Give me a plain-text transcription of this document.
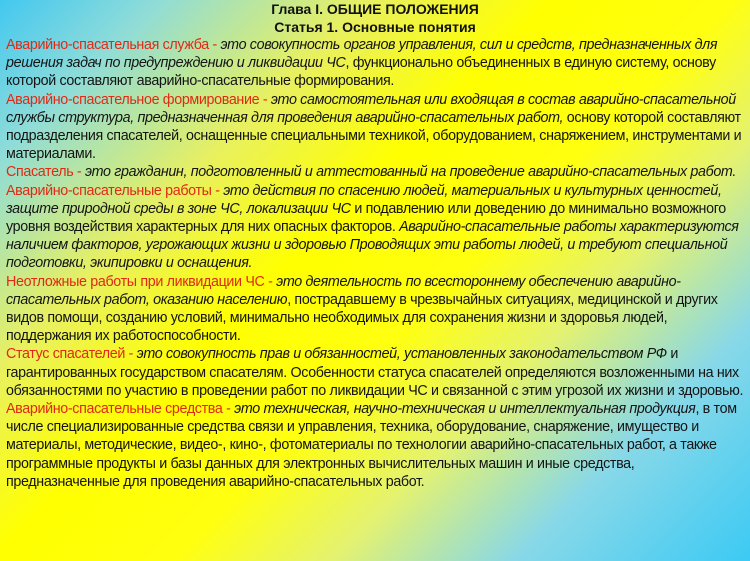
Глава I. ОБЩИЕ ПОЛОЖЕНИЯ
Статья 1. Основные понятия

Аварийно-спасательная служба - это совокупность органов управления, сил и средств, предназначенных для решения задач по предупреждению и ликвидации ЧС, функционально объединенных в единую систему, основу которой составляют аварийно-спасательные формирования.

Аварийно-спасательное формирование - это самостоятельная или входящая в состав аварийно-спасательной службы структура, предназначенная для проведения аварийно-спасательных работ, основу которой составляют подразделения спасателей, оснащенные специальными техникой, оборудованием, снаряжением, инструментами и материалами.

Спасатель - это гражданин, подготовленный и аттестованный на проведение аварийно-спасательных работ.

Аварийно-спасательные работы - это действия по спасению людей, материальных и культурных ценностей, защите природной среды в зоне ЧС, локализации ЧС и подавлению или доведению до минимально возможного уровня воздействия характерных для них опасных факторов. Аварийно-спасательные работы характеризуются наличием факторов, угрожающих жизни и здоровью Проводящих эти работы людей, и требуют специальной подготовки, экипировки и оснащения.

Неотложные работы при ликвидации ЧС - это деятельность по всестороннему обеспечению аварийно- спасательных работ, оказанию населению, пострадавшему в чрезвычайных ситуациях, медицинской и других видов помощи, созданию условий, минимально необходимых для сохранения жизни и здоровья людей, поддержания их работоспособности.

Статус спасателей - это совокупность прав и обязанностей, установленных законодательством РФ и гарантированных государством спасателям. Особенности статуса спасателей определяются возложенными на них обязанностями по участию в проведении работ по ликвидации ЧС и связанной с этим угрозой их жизни и здоровью.

Аварийно-спасательные средства - это техническая, научно-техническая и интеллектуальная продукция, в том числе специализированные средства связи и управления, техника, оборудование, снаряжение, имущество и материалы, методические, видео-, кино-, фотоматериалы по технологии аварийно-спасательных работ, а также программные продукты и базы данных для электронных вычислительных машин и иные средства, предназначенные для проведения аварийно-спасательных работ.
